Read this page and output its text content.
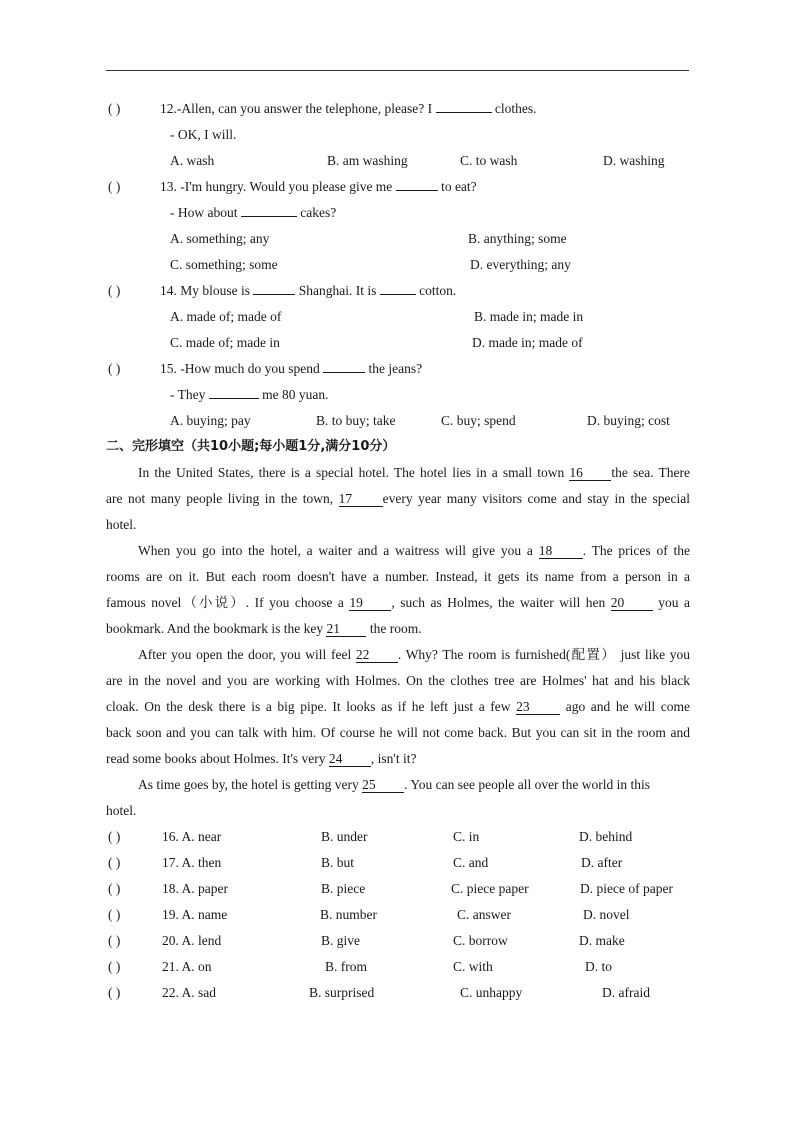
( )	12.-Allen, can you answer the telephone, please? I	clothes.
- OK, I will.
A. wash	B. am washing	C. to wash	D. washing
( )	13. -I'm hungry. Would you please give me	to eat?
- How about	cakes?
A. something; any	B. anything; some
C. something; some	D. everything; any
( )	14. My blouse is	Shanghai. It is	cotton.
A. made of; made of	B. made in; made in
C. made of; made in	D. made in; made of
( )	15. -How much do you spend	the jeans?
- They	me 80 yuan.
A. buying; pay	B. to buy; take	C. buy; spend	D. buying; cost
二、完形填空（共10小题;每小题1分,满分10分）
In the United States, there is a special hotel. The hotel lies in a small town 16 the sea. There
are not many people living in the town, 17 every year many visitors come and stay in the special
hotel.
When you go into the hotel, a waiter and a waitress will give you a 18 . The prices of the
rooms are on it. But each room doesn't have a number. Instead, it gets its name from a person in a
famous novel（小说）. If you choose a 19 , such as Holmes, the waiter will hen 20 you a
bookmark. And the bookmark is the key 21 the room.
After you open the door, you will feel 22 . Why? The room is furnished(配置） just like you
are in the novel and you are working with Holmes. On the clothes tree are Holmes' hat and his black
cloak. On the desk there is a big pipe. It looks as if he left just a few 23 ago and he will come
back soon and you can talk with him. Of course he will not come back. But you can sit in the room and
read some books about Holmes. It's very 24 , isn't it?
As time goes by, the hotel is getting very 25 . You can see people all over the world in this
hotel.
( )	16. A. near	B. under	C. in	D. behind
( )	17. A. then	B. but	C. and	D. after
( )	18. A. paper	B. piece	C. piece paper	D. piece of paper
( )	19. A. name	B. number	C. answer	D. novel
( )	20. A. lend	B. give	C. borrow	D. make
( )	21. A. on	B. from	C. with	D. to
( )	22. A. sad	B. surprised	C. unhappy	D. afraid
